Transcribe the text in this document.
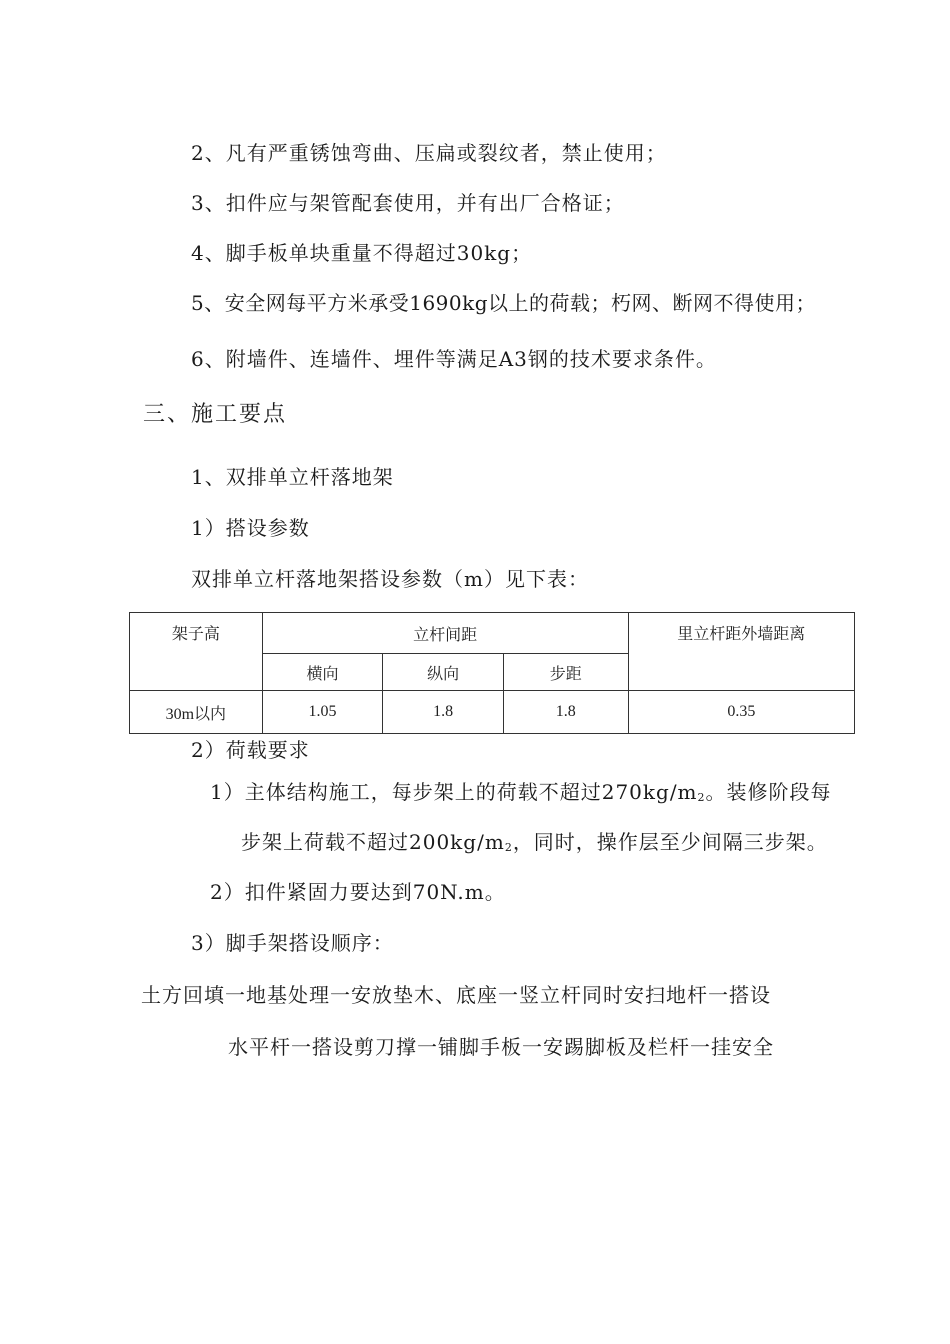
2、凡有严重锈蚀弯曲、压扁或裂纹者，禁止使用；
3、扣件应与架管配套使用，并有出厂合格证；
4、脚手板单块重量不得超过30kg；
5、安全网每平方米承受1690kg以上的荷载；朽网、断网不得使用；
6、附墙件、连墙件、埋件等满足A3钢的技术要求条件。
三、施工要点
1、双排单立杆落地架
1）搭设参数
双排单立杆落地架搭设参数（m）见下表：
架子高	立杆间距			里立杆距外墙距离
	横向	纵向	步距	
30m以内	1.05	1.8	1.8	0.35
2）荷载要求
1）主体结构施工，每步架上的荷载不超过$270kg/m_2$。装修阶段每
步架上荷载不超过$200kg/m_2$，同时，操作层至少间隔三步架。
2）扣件紧固力要达到70N.m。
3）脚手架搭设顺序：
土方回填一地基处理一安放垫木、底座一竖立杆同时安扫地杆一搭设
水平杆一搭设剪刀撑一铺脚手板一安踢脚板及栏杆一挂安全
